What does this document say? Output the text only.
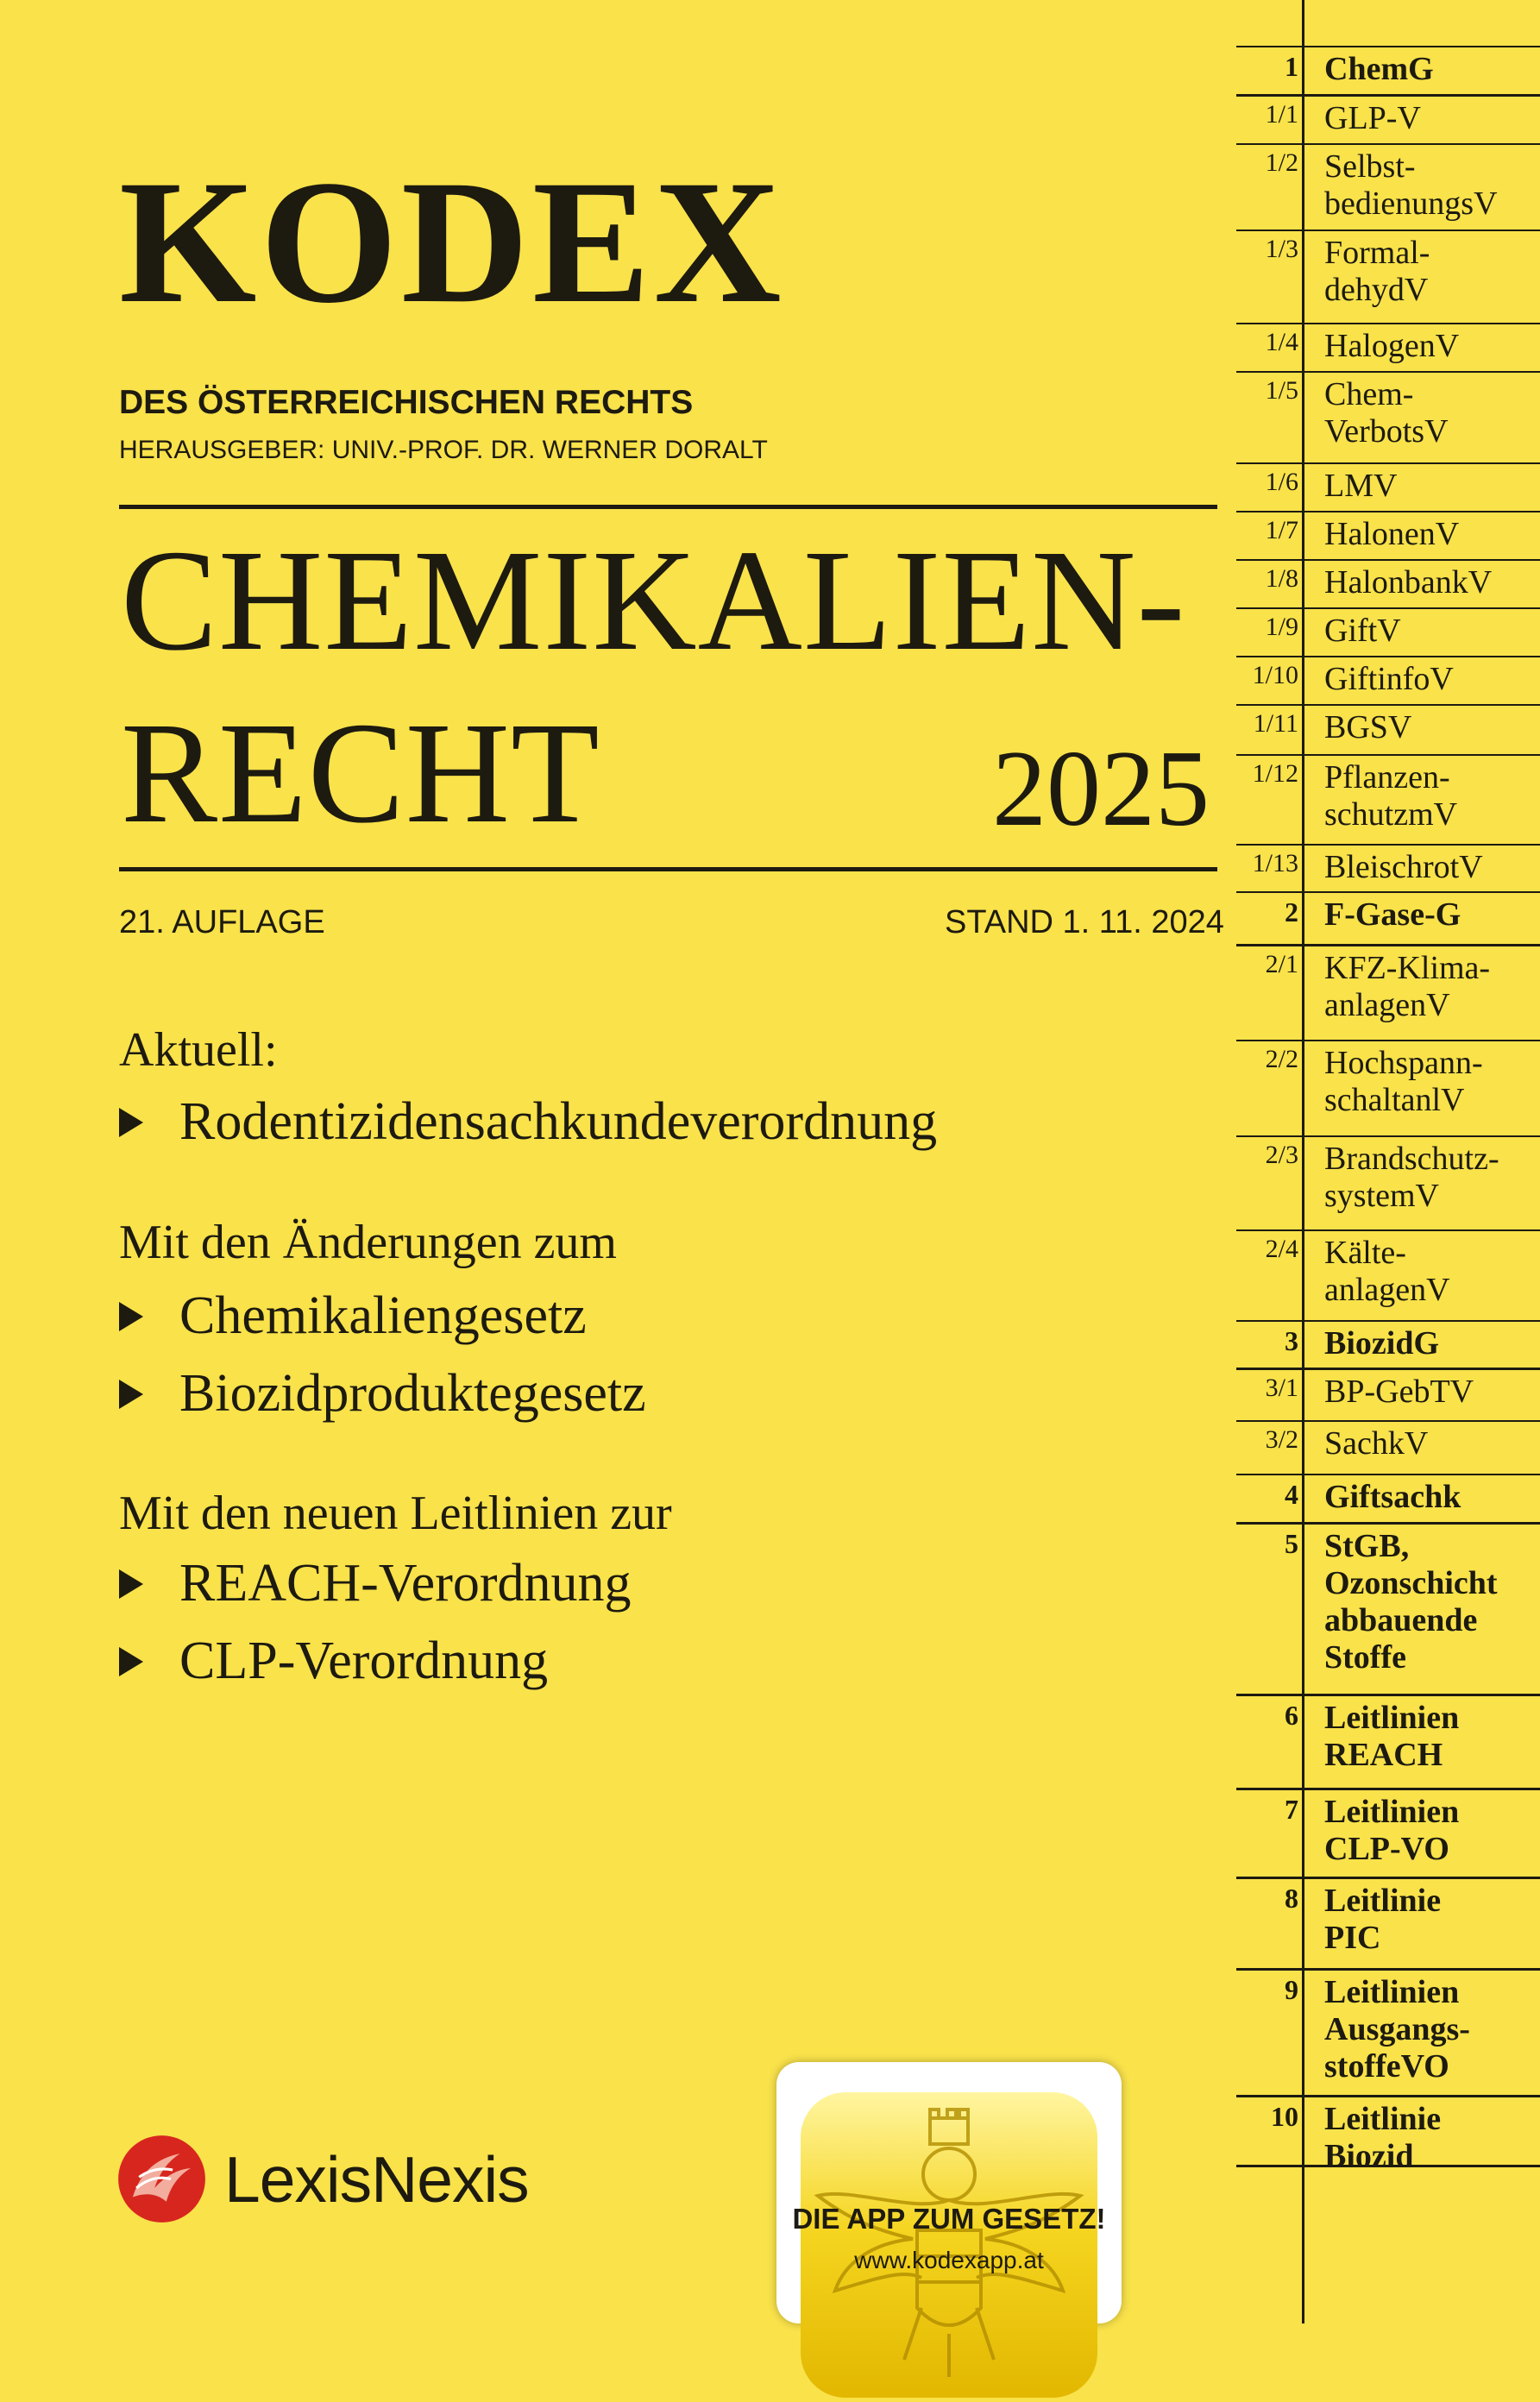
KODEX
DES ÖSTERREICHISCHEN RECHTS
HERAUSGEBER: UNIV.-PROF. DR. WERNER DORALT
CHEMIKALIEN-
RECHT	2025
21. AUFLAGE	STAND 1. 11. 2024
Aktuell:
Rodentizidensachkundeverordnung
Mit den Änderungen zum
Chemikaliengesetz
Biozidproduktegesetz
Mit den neuen Leitlinien zur
REACH-Verordnung
CLP-Verordnung
LexisNexis
DIE APP ZUM GESETZ!
www.kodexapp.at
1 ChemG
1/1 GLP-V
1/2 Selbst-
bedienungsV
1/3 Formal-
dehydV
1/4 HalogenV
1/5 Chem-
VerbotsV
1/6 LMV
1/7 HalonenV
1/8 HalonbankV
1/9 GiftV
1/10 GiftinfoV
1/11 BGSV
1/12 Pflanzen-
schutzmV
1/13 BleischrotV
2 F-Gase-G
2/1 KFZ-Klima-
anlagenV
2/2 Hochspann-
schaltanlV
2/3 Brandschutz-
systemV
2/4 Kälte-
anlagenV
3 BiozidG
3/1 BP-GebTV
3/2 SachkV
4 Giftsachk
5 StGB,
Ozonschicht
abbauende
Stoffe
6 Leitlinien
REACH
7 Leitlinien
CLP-VO
8 Leitlinie
PIC
9 Leitlinien
Ausgangs-
stoffeVO
10 Leitlinie
Biozid
